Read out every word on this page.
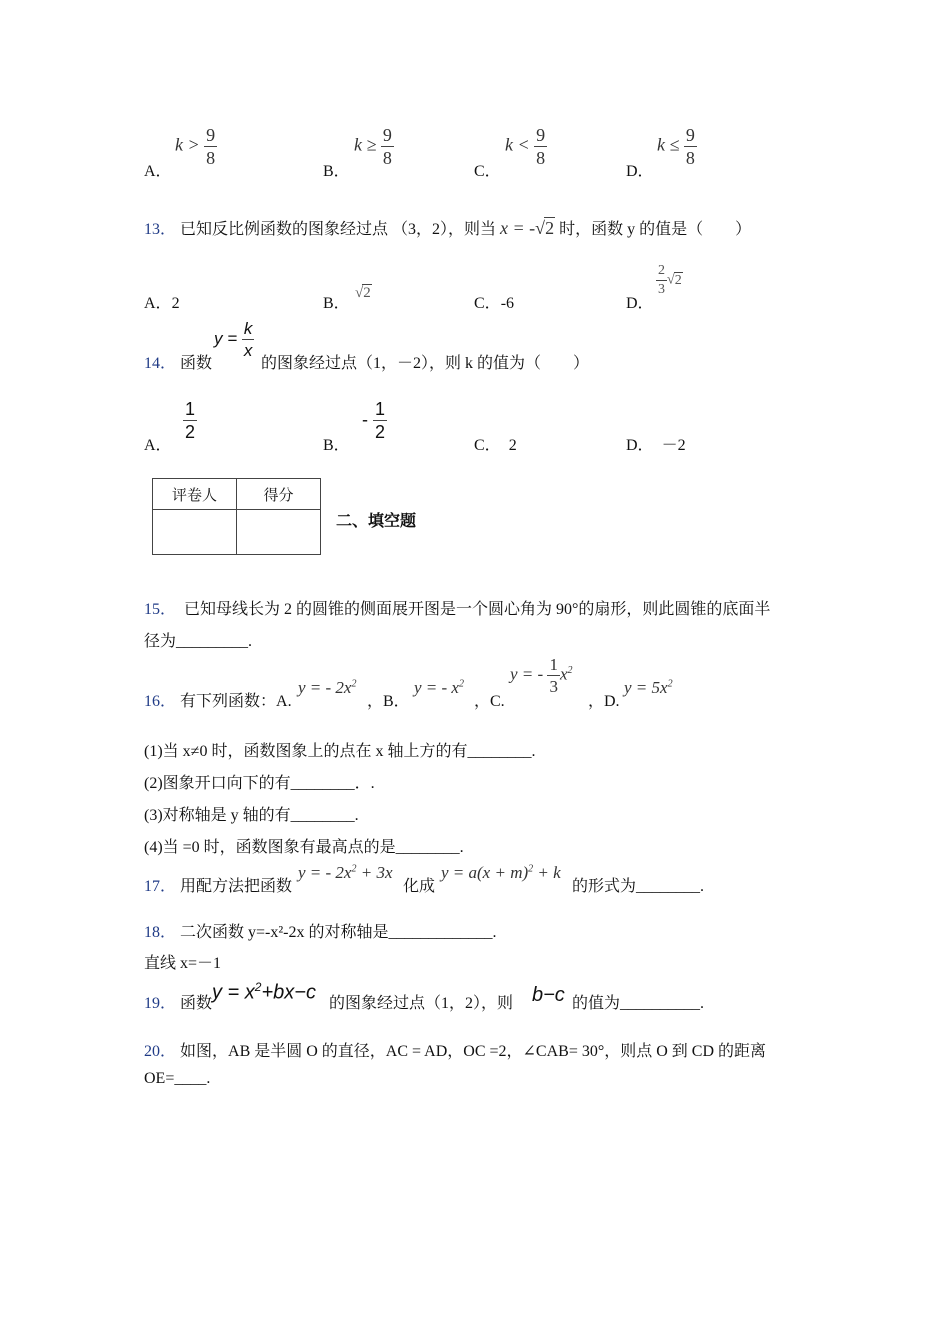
A．
$k > \frac{9}{8}$
B．
$k \ge \frac{9}{8}$
C．
$k < \frac{9}{8}$
D．
$k \le \frac{9}{8}$
13． 已知反比例函数的图象经过点 （3，2），则当 x = -√2 时，函数 y 的值是（　　）
A．2	B．
√2
C．-6	D．
$\frac{2}{3} √2$
14． 函数
$y = \frac{k}{x}$
的图象经过点（1，－2），则 k 的值为（　　）
A．
$\frac{1}{2}$
B．
- $\frac{1}{2}$
C． 2	D． －2
评卷人	得分

二、填空题
15． 已知母线长为 2 的圆锥的侧面展开图是一个圆心角为 90°的扇形，则此圆锥的底面半
径为_________.
16． 有下列函数：A.
y = - $2x^2$
，B．
y = - $x^2$
，C.
y = - $\frac{1}{3} x^2$
，D.
$y = 5x^2$
(1)当 x≠0 时，函数图象上的点在 x 轴上方的有________.
(2)图象开口向下的有________．.
(3)对称轴是 y 轴的有________.
(4)当 =0 时，函数图象有最高点的是________.
17． 用配方法把函数
y = - $2x^2 + 3x$
化成
$y = a(x + m)^2 + k$
的形式为________.
18． 二次函数 y=-x²-2x 的对称轴是_____________.
直线 x=－1
19． 函数 $y = x^2+bx-c$ 的图象经过点（1，2），则 b−c 的值为__________.
20． 如图，AB 是半圆 O 的直径，AC = AD，OC =2，∠CAB= 30°，则点 O 到 CD 的距离
OE=____.
